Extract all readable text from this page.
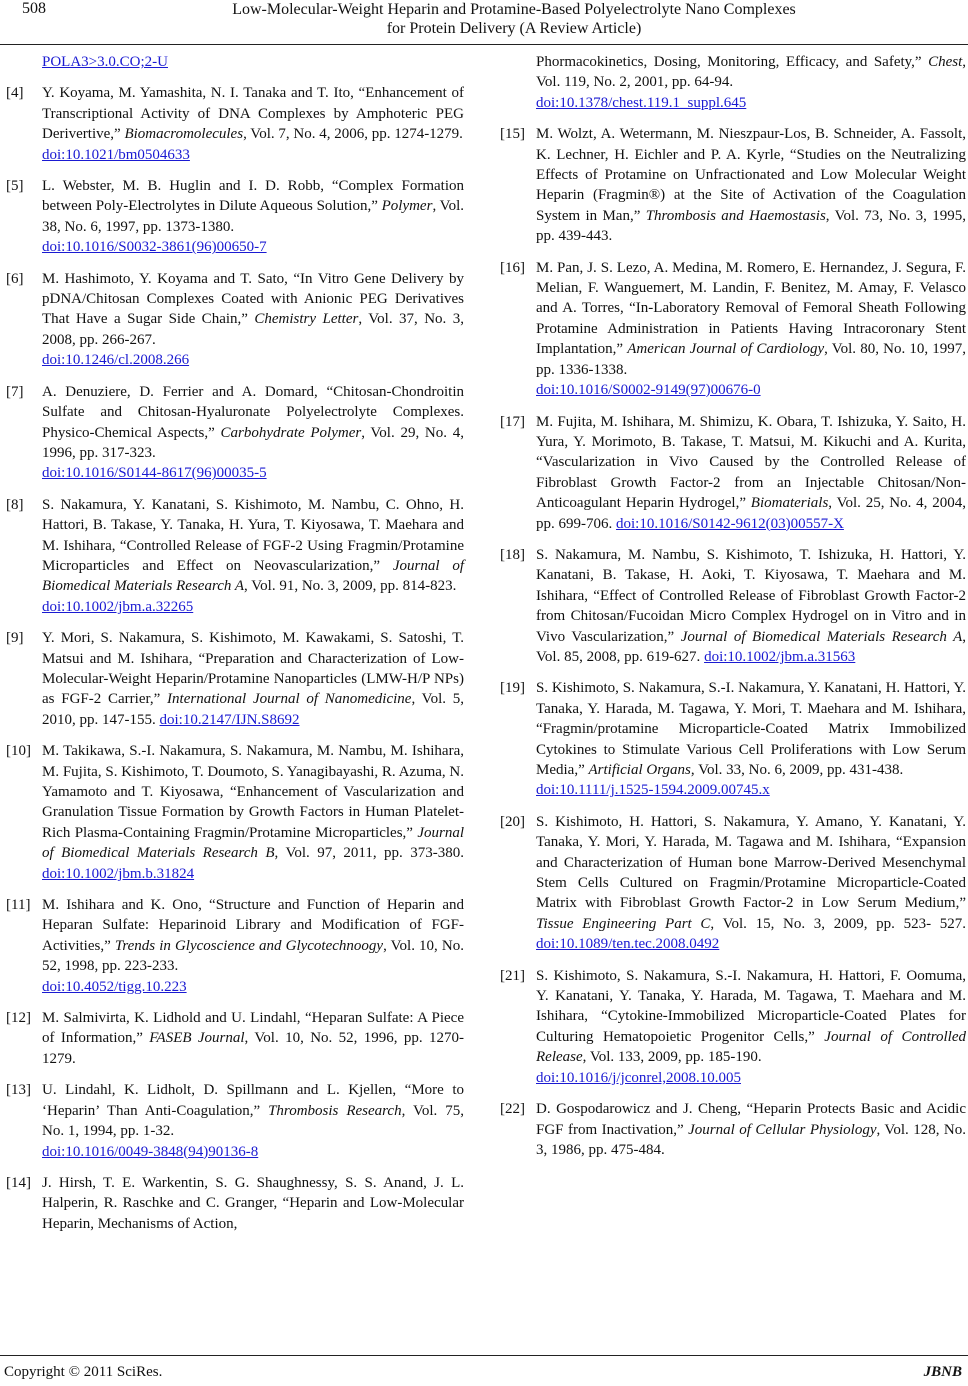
508	Low-Molecular-Weight Heparin and Protamine-Based Polyelectrolyte Nano Complexes
for Protein Delivery (A Review Article)
POLA3>3.0.CO;2-U
[4] Y. Koyama, M. Yamashita, N. I. Tanaka and T. Ito, “Enhancement of Transcriptional Activity of DNA Complexes by Amphoteric PEG Derivertive,” Biomacromolecules, Vol. 7, No. 4, 2006, pp. 1274-1279.
doi:10.1021/bm0504633
[5] L. Webster, M. B. Huglin and I. D. Robb, “Complex Formation between Poly-Electrolytes in Dilute Aqueous Solution,” Polymer, Vol. 38, No. 6, 1997, pp. 1373-1380.
doi:10.1016/S0032-3861(96)00650-7
[6] M. Hashimoto, Y. Koyama and T. Sato, “In Vitro Gene Delivery by pDNA/Chitosan Complexes Coated with Anionic PEG Derivatives That Have a Sugar Side Chain,” Chemistry Letter, Vol. 37, No. 3, 2008, pp. 266-267.
doi:10.1246/cl.2008.266
[7] A. Denuziere, D. Ferrier and A. Domard, “Chitosan-Chondroitin Sulfate and Chitosan-Hyaluronate Polyelectrolyte Complexes. Physico-Chemical Aspects,” Carbohydrate Polymer, Vol. 29, No. 4, 1996, pp. 317-323.
doi:10.1016/S0144-8617(96)00035-5
[8] S. Nakamura, Y. Kanatani, S. Kishimoto, M. Nambu, C. Ohno, H. Hattori, B. Takase, Y. Tanaka, H. Yura, T. Kiyosawa, T. Maehara and M. Ishihara, “Controlled Release of FGF-2 Using Fragmin/Protamine Microparticles and Effect on Neovascularization,” Journal of Biomedical Materials Research A, Vol. 91, No. 3, 2009, pp. 814-823.
doi:10.1002/jbm.a.32265
[9] Y. Mori, S. Nakamura, S. Kishimoto, M. Kawakami, S. Satoshi, T. Matsui and M. Ishihara, “Preparation and Characterization of Low-Molecular-Weight Heparin/Protamine Nanoparticles (LMW-H/P NPs) as FGF-2 Carrier,” International Journal of Nanomedicine, Vol. 5, 2010, pp. 147-155. doi:10.2147/IJN.S8692
[10] M. Takikawa, S.-I. Nakamura, S. Nakamura, M. Nambu, M. Ishihara, M. Fujita, S. Kishimoto, T. Doumoto, S. Yanagibayashi, R. Azuma, N. Yamamoto and T. Kiyosawa, “Enhancement of Vascularization and Granulation Tissue Formation by Growth Factors in Human Platelet-Rich Plasma-Containing Fragmin/Protamine Microparticles,” Journal of Biomedical Materials Research B, Vol. 97, 2011, pp. 373-380. doi:10.1002/jbm.b.31824
[11] M. Ishihara and K. Ono, “Structure and Function of Heparin and Heparan Sulfate: Heparinoid Library and Modification of FGF-Activities,” Trends in Glycoscience and Glycotechnoogy, Vol. 10, No. 52, 1998, pp. 223-233.
doi:10.4052/tigg.10.223
[12] M. Salmivirta, K. Lidhold and U. Lindahl, “Heparan Sulfate: A Piece of Information,” FASEB Journal, Vol. 10, No. 52, 1996, pp. 1270-1279.
[13] U. Lindahl, K. Lidholt, D. Spillmann and L. Kjellen, “More to ‘Heparin’ Than Anti-Coagulation,” Thrombosis Research, Vol. 75, No. 1, 1994, pp. 1-32.
doi:10.1016/0049-3848(94)90136-8
[14] J. Hirsh, T. E. Warkentin, S. G. Shaughnessy, S. S. Anand, J. L. Halperin, R. Raschke and C. Granger, “Heparin and Low-Molecular Heparin, Mechanisms of Action,
Phormacokinetics, Dosing, Monitoring, Efficacy, and Safety,” Chest, Vol. 119, No. 2, 2001, pp. 64-94.
doi:10.1378/chest.119.1_suppl.645
[15] M. Wolzt, A. Wetermann, M. Nieszpaur-Los, B. Schneider, A. Fassolt, K. Lechner, H. Eichler and P. A. Kyrle, “Studies on the Neutralizing Effects of Protamine on Unfractionated and Low Molecular Weight Heparin (Fragmin®) at the Site of Activation of the Coagulation System in Man,” Thrombosis and Haemostasis, Vol. 73, No. 3, 1995, pp. 439-443.
[16] M. Pan, J. S. Lezo, A. Medina, M. Romero, E. Hernandez, J. Segura, F. Melian, F. Wanguemert, M. Landin, F. Benitez, M. Amay, F. Velasco and A. Torres, “In-Laboratory Removal of Femoral Sheath Following Protamine Administration in Patients Having Intracoronary Stent Implantation,” American Journal of Cardiology, Vol. 80, No. 10, 1997, pp. 1336-1338.
doi:10.1016/S0002-9149(97)00676-0
[17] M. Fujita, M. Ishihara, M. Shimizu, K. Obara, T. Ishizuka, Y. Saito, H. Yura, Y. Morimoto, B. Takase, T. Matsui, M. Kikuchi and A. Kurita, “Vascularization in Vivo Caused by the Controlled Release of Fibroblast Growth Factor-2 from an Injectable Chitosan/Non-Anticoagulant Heparin Hydrogel,” Biomaterials, Vol. 25, No. 4, 2004, pp. 699-706. doi:10.1016/S0142-9612(03)00557-X
[18] S. Nakamura, M. Nambu, S. Kishimoto, T. Ishizuka, H. Hattori, Y. Kanatani, B. Takase, H. Aoki, T. Kiyosawa, T. Maehara and M. Ishihara, “Effect of Controlled Release of Fibroblast Growth Factor-2 from Chitosan/Fucoidan Micro Complex Hydrogel on in Vitro and in Vivo Vascularization,” Journal of Biomedical Materials Research A, Vol. 85, 2008, pp. 619-627. doi:10.1002/jbm.a.31563
[19] S. Kishimoto, S. Nakamura, S.-I. Nakamura, Y. Kanatani, H. Hattori, Y. Tanaka, Y. Harada, M. Tagawa, Y. Mori, T. Maehara and M. Ishihara, “Fragmin/protamine Microparticle-Coated Matrix Immobilized Cytokines to Stimulate Various Cell Proliferations with Low Serum Media,” Artificial Organs, Vol. 33, No. 6, 2009, pp. 431-438.
doi:10.1111/j.1525-1594.2009.00745.x
[20] S. Kishimoto, H. Hattori, S. Nakamura, Y. Amano, Y. Kanatani, Y. Tanaka, Y. Mori, Y. Harada, M. Tagawa and M. Ishihara, “Expansion and Characterization of Human bone Marrow-Derived Mesenchymal Stem Cells Cultured on Fragmin/Protamine Microparticle-Coated Matrix with Fibroblast Growth Factor-2 in Low Serum Medium,” Tissue Engineering Part C, Vol. 15, No. 3, 2009, pp. 523- 527. doi:10.1089/ten.tec.2008.0492
[21] S. Kishimoto, S. Nakamura, S.-I. Nakamura, H. Hattori, F. Oomuma, Y. Kanatani, Y. Tanaka, Y. Harada, M. Tagawa, T. Maehara and M. Ishihara, “Cytokine-Immobilized Microparticle-Coated Plates for Culturing Hematopoietic Progenitor Cells,” Journal of Controlled Release, Vol. 133, 2009, pp. 185-190.
doi:10.1016/j/jconrel,2008.10.005
[22] D. Gospodarowicz and J. Cheng, “Heparin Protects Basic and Acidic FGF from Inactivation,” Journal of Cellular Physiology, Vol. 128, No. 3, 1986, pp. 475-484.
Copyright © 2011 SciRes.	JBNB
